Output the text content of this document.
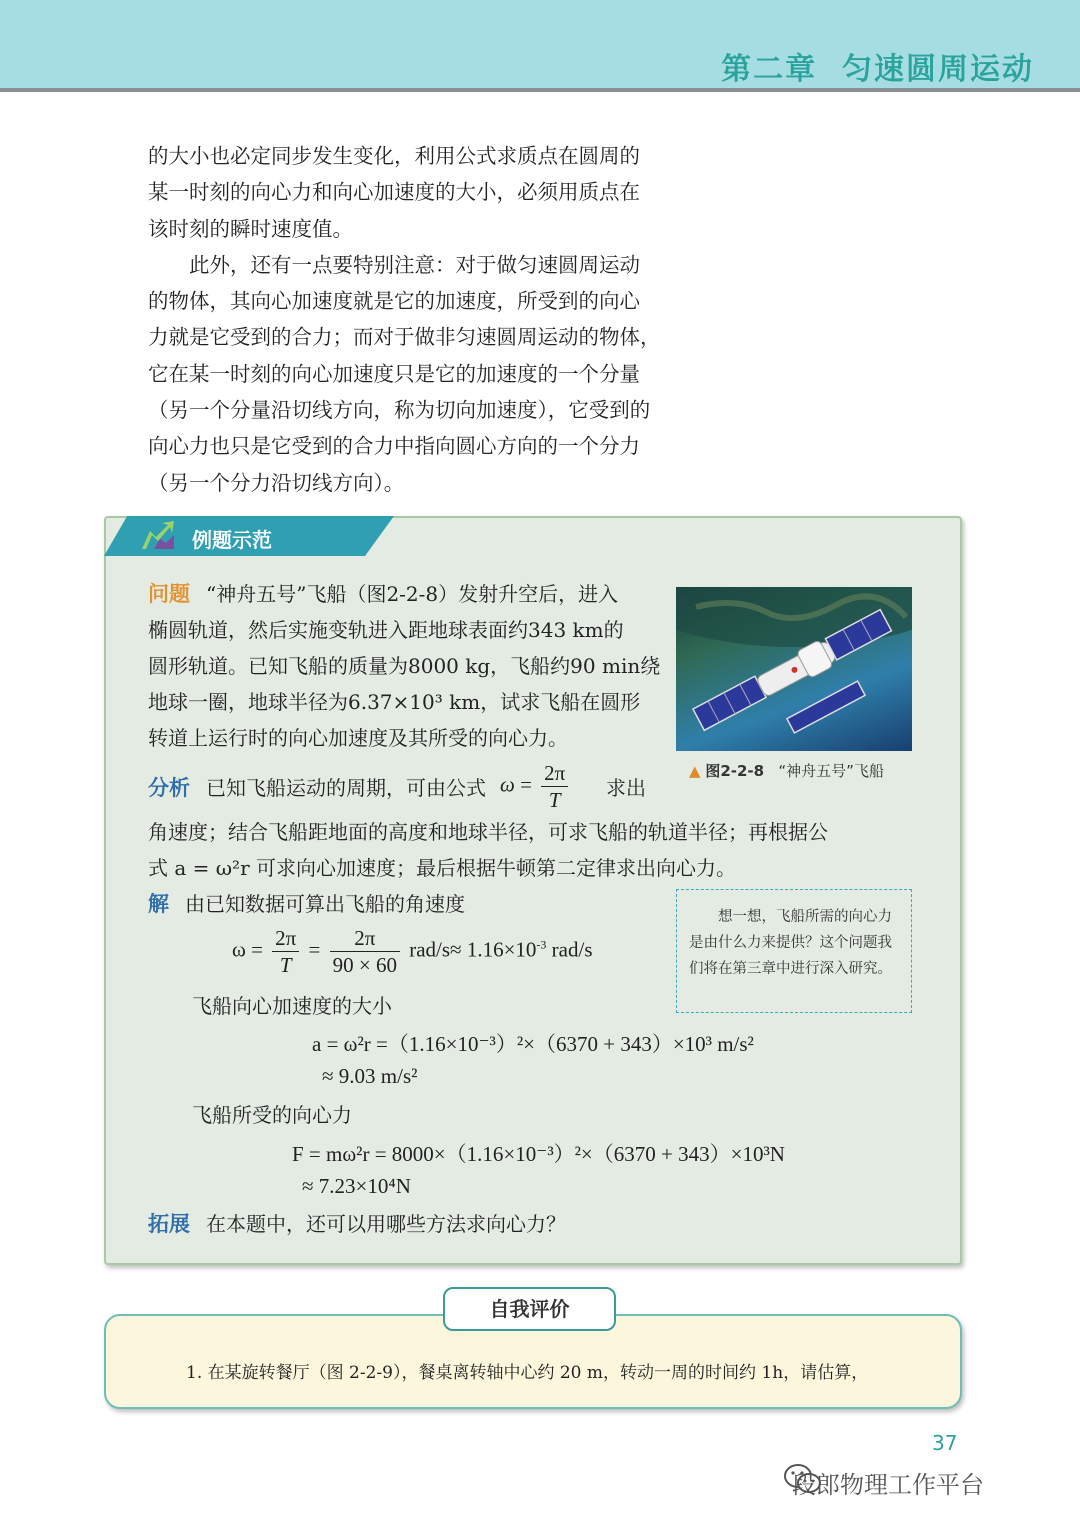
第二章  匀速圆周运动

的大小也必定同步发生变化，利用公式求质点在圆周的

某一时刻的向心力和向心加速度的大小，必须用质点在

该时刻的瞬时速度值。

此外，还有一点要特别注意：对于做匀速圆周运动

的物体，其向心加速度就是它的加速度，所受到的向心

力就是它受到的合力；而对于做非匀速圆周运动的物体，

它在某一时刻的向心加速度只是它的加速度的一个分量

（另一个分量沿切线方向，称为切向加速度），它受到的

向心力也只是它受到的合力中指向圆心方向的一个分力

（另一个分力沿切线方向）。

例题示范
问题 “神舟五号”飞船（图2-2-8）发射升空后，进入
椭圆轨道，然后实施变轨进入距地球表面约343 km的
圆形轨道。已知飞船的质量为8000 kg，飞船约90 min绕
地球一圈，地球半径为6.37×10³ km，试求飞船在圆形
转道上运行时的向心加速度及其所受的向心力。
▲ 图2-2-8 “神舟五号”飞船
分析 已知飞船运动的周期，可由公式 $\omega = \frac{2\pi}{T}$ 求出
角速度；结合飞船距地面的高度和地球半径，可求飞船的轨道半径；再根据公
式 a = ω²r 可求向心加速度；最后根据牛顿第二定律求出向心力。
解 由已知数据可算出飞船的角速度
$\omega = \frac{2\pi}{T} = \frac{2\pi}{90 \times 60} rad/s\approx 1.16\times 10^{-3}$ rad/s
想一想，飞船所需的向心力是由什么力来提供？这个问题我们将在第三章中进行深入研究。
飞船向心加速度的大小
a = ω²r =（1.16×10⁻³）²×（6370 + 343）×10³ m/s²
≈ 9.03 m/s²
飞船所受的向心力
F = mω²r = 8000×（1.16×10⁻³）²×（6370 + 343）×10³N
≈ 7.23×10⁴N
拓展 在本题中，还可以用哪些方法求向心力？
自我评价
1. 在某旋转餐厅（图 2-2-9），餐桌离转轴中心约 20 m，转动一周的时间约 1h，请估算，
37
段郎物理工作平台
